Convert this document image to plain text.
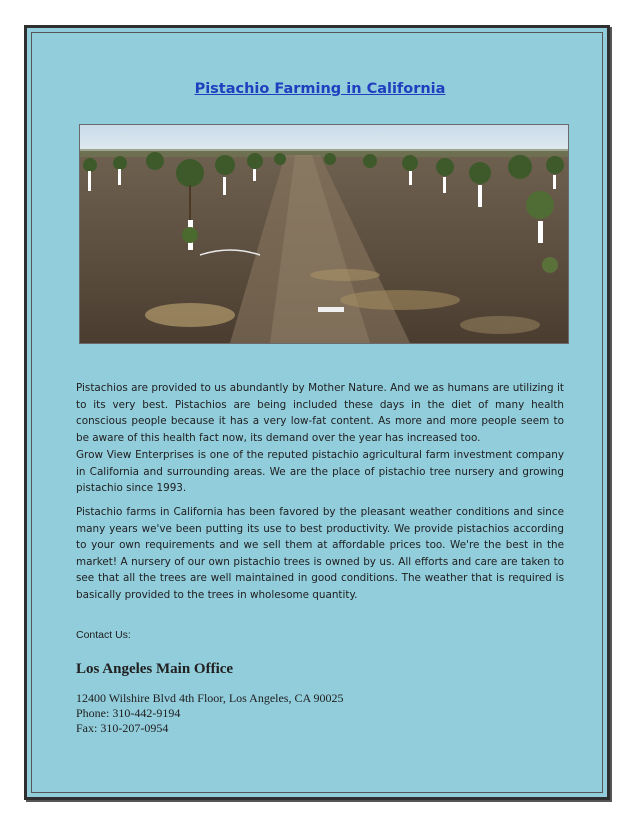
Pistachio Farming in California

Pistachios are provided to us abundantly by Mother Nature. And we as humans are utilizing it to its very best. Pistachios are being included these days in the diet of many health conscious people because it has a very low-fat content. As more and more people seem to be aware of this health fact now, its demand over the year has increased too.

Grow View Enterprises is one of the reputed pistachio agricultural farm investment company in California and surrounding areas. We are the place of pistachio tree nursery and growing pistachio since 1993.

Pistachio farms in California has been favored by the pleasant weather conditions and since many years we've been putting its use to best productivity. We provide pistachios according to your own requirements and we sell them at affordable prices too. We're the best in the market! A nursery of our own pistachio trees is owned by us. All efforts and care are taken to see that all the trees are well maintained in good conditions. The weather that is required is basically provided to the trees in wholesome quantity.

Contact Us:
Los Angeles Main Office
12400 Wilshire Blvd 4th Floor, Los Angeles, CA 90025
Phone: 310-442-9194
Fax: 310-207-0954
